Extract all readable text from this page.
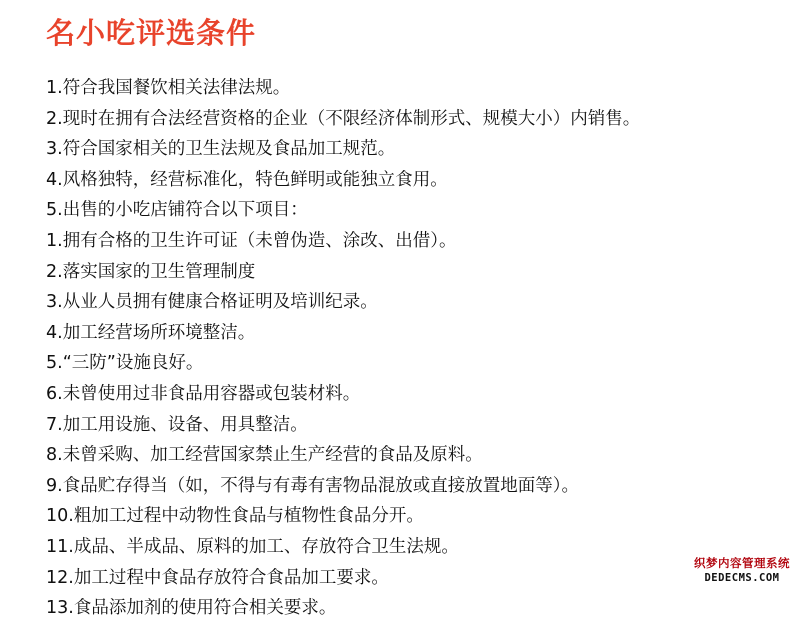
名小吃评选条件
1.符合我国餐饮相关法律法规。
2.现时在拥有合法经营资格的企业（不限经济体制形式、规模大小）内销售。
3.符合国家相关的卫生法规及食品加工规范。
4.风格独特，经营标准化，特色鲜明或能独立食用。
5.出售的小吃店铺符合以下项目：
1.拥有合格的卫生许可证（未曾伪造、涂改、出借）。
2.落实国家的卫生管理制度
3.从业人员拥有健康合格证明及培训纪录。
4.加工经营场所环境整洁。
5.“三防”设施良好。
6.未曾使用过非食品用容器或包装材料。
7.加工用设施、设备、用具整洁。
8.未曾采购、加工经营国家禁止生产经营的食品及原料。
9.食品贮存得当（如，不得与有毒有害物品混放或直接放置地面等）。
10.粗加工过程中动物性食品与植物性食品分开。
11.成品、半成品、原料的加工、存放符合卫生法规。
12.加工过程中食品存放符合食品加工要求。
13.食品添加剂的使用符合相关要求。
织梦内容管理系统
DEDECMS.COM
